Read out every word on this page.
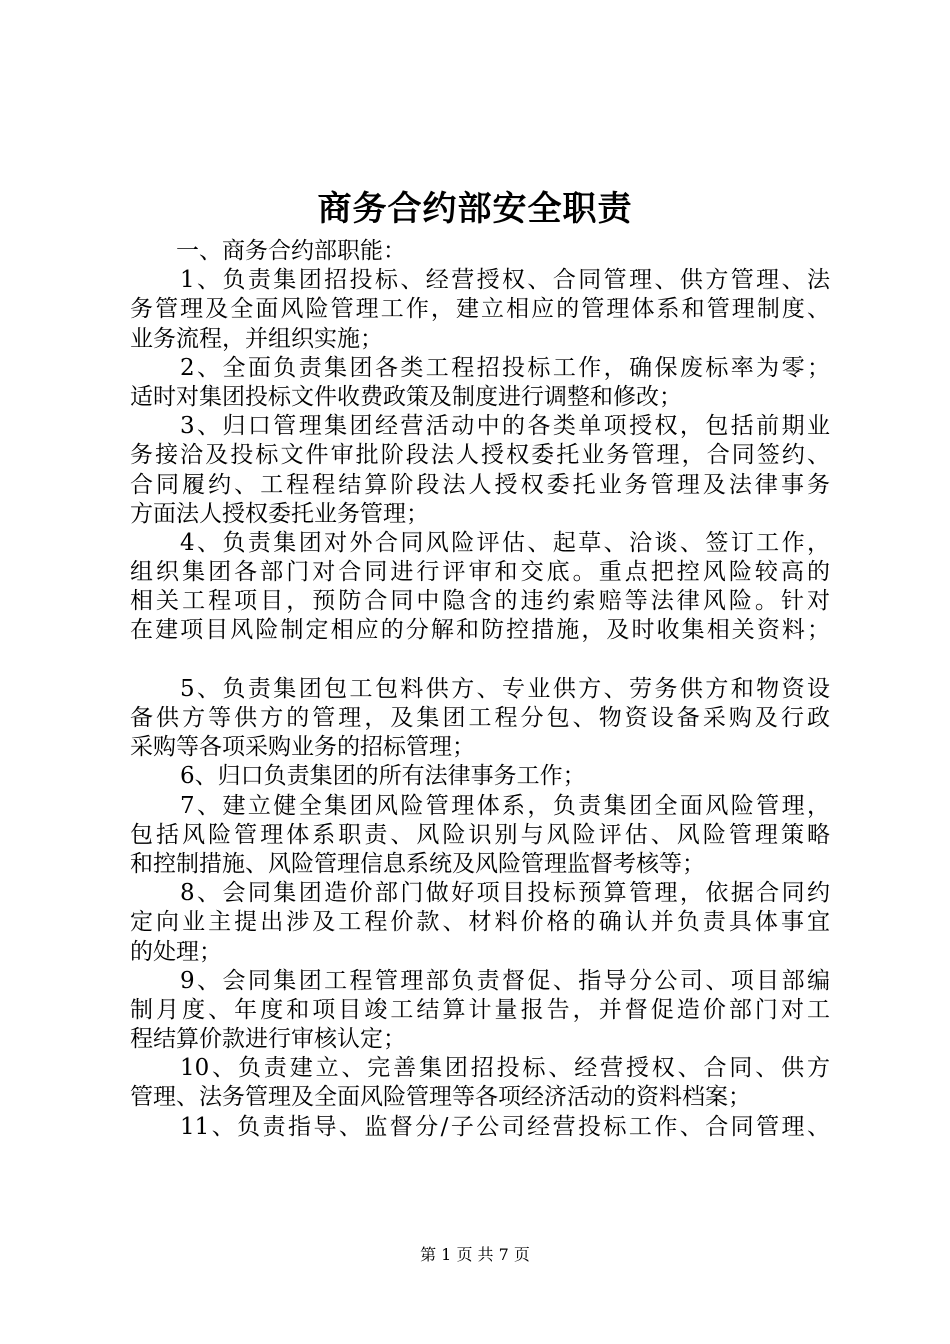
商务合约部安全职责
一、商务合约部职能：
1、负责集团招投标、经营授权、合同管理、供方管理、法
务管理及全面风险管理工作，建立相应的管理体系和管理制度、
业务流程，并组织实施；
2、全面负责集团各类工程招投标工作，确保废标率为零；
适时对集团投标文件收费政策及制度进行调整和修改；
3、归口管理集团经营活动中的各类单项授权，包括前期业
务接洽及投标文件审批阶段法人授权委托业务管理，合同签约、
合同履约、工程程结算阶段法人授权委托业务管理及法律事务
方面法人授权委托业务管理；
4、负责集团对外合同风险评估、起草、洽谈、签订工作，
组织集团各部门对合同进行评审和交底。重点把控风险较高的
相关工程项目，预防合同中隐含的违约索赔等法律风险。针对
在建项目风险制定相应的分解和防控措施，及时收集相关资料；
5、负责集团包工包料供方、专业供方、劳务供方和物资设
备供方等供方的管理，及集团工程分包、物资设备采购及行政
采购等各项采购业务的招标管理；
6、归口负责集团的所有法律事务工作；
7、建立健全集团风险管理体系，负责集团全面风险管理，
包括风险管理体系职责、风险识别与风险评估、风险管理策略
和控制措施、风险管理信息系统及风险管理监督考核等；
8、会同集团造价部门做好项目投标预算管理，依据合同约
定向业主提出涉及工程价款、材料价格的确认并负责具体事宜
的处理；
9、会同集团工程管理部负责督促、指导分公司、项目部编
制月度、年度和项目竣工结算计量报告，并督促造价部门对工
程结算价款进行审核认定；
10、负责建立、完善集团招投标、经营授权、合同、供方
管理、法务管理及全面风险管理等各项经济活动的资料档案；
11、负责指导、监督分/子公司经营投标工作、合同管理、
第 1 页 共 7 页
